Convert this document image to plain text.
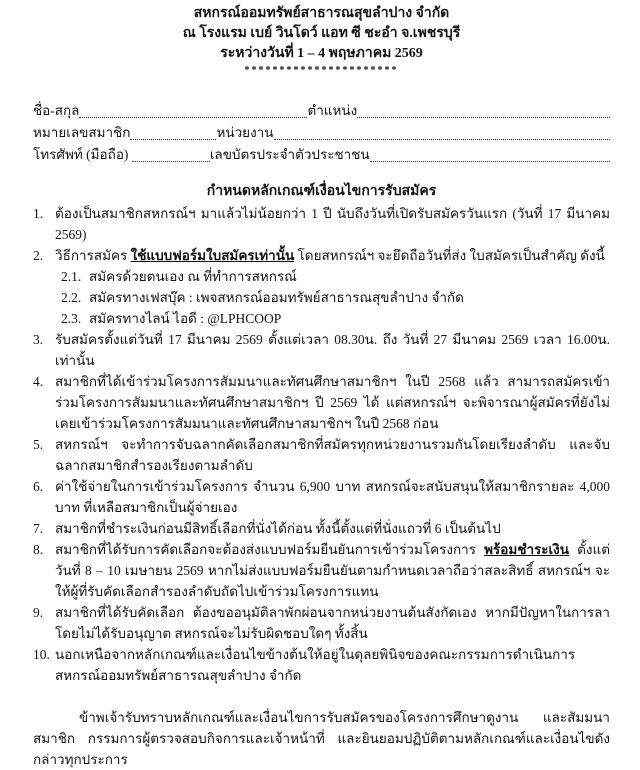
สหกรณ์ออมทรัพย์สาธารณสุขลำปาง จำกัด
ณ โรงแรม เบย์ วินโดว์ แอท ซี ชะอำ จ.เพชรบุรี
ระหว่างวันที่ 1 – 4 พฤษภาคม 2569
**********************
ชื่อ-สกุล	ตำแหน่ง
หมายเลขสมาชิก	หน่วยงาน
โทรศัพท์ (มือถือ)	เลขบัตรประจำตัวประชาชน
กำหนดหลักเกณฑ์เงื่อนไขการรับสมัคร
1. ต้องเป็นสมาชิกสหกรณ์ฯ มาแล้วไม่น้อยกว่า 1 ปี นับถึงวันที่เปิดรับสมัครวันแรก (วันที่ 17 มีนาคม 2569)
2. วิธีการสมัคร ใช้แบบฟอร์มใบสมัครเท่านั้น โดยสหกรณ์ฯ จะยึดถือวันที่ส่ง ใบสมัครเป็นสำคัญ ดังนี้
2.1. สมัครด้วยตนเอง ณ ที่ทำการสหกรณ์
2.2. สมัครทางเฟสบุ๊ค : เพจสหกรณ์ออมทรัพย์สาธารณสุขลำปาง จำกัด
2.3. สมัครทางไลน์ ไอดี : @LPHCOOP
3. รับสมัครตั้งแต่วันที่ 17 มีนาคม 2569 ตั้งแต่เวลา 08.30น. ถึง วันที่ 27 มีนาคม 2569 เวลา 16.00น. เท่านั้น
4. สมาชิกที่ได้เข้าร่วมโครงการสัมมนาและทัศนศึกษาสมาชิกฯ ในปี 2568 แล้ว สามารถสมัครเข้าร่วมโครงการสัมมนาและทัศนศึกษาสมาชิกฯ ปี 2569 ได้ แต่สหกรณ์ฯ จะพิจารณาผู้สมัครที่ยังไม่เคยเข้าร่วมโครงการสัมมนาและทัศนศึกษาสมาชิกฯ ในปี 2568 ก่อน
5. สหกรณ์ฯ จะทำการจับฉลากคัดเลือกสมาชิกที่สมัครทุกหน่วยงานรวมกันโดยเรียงลำดับ และจับฉลากสมาชิกสำรองเรียงตามลำดับ
6. ค่าใช้จ่ายในการเข้าร่วมโครงการ จำนวน 6,900 บาท สหกรณ์จะสนับสนุนให้สมาชิกรายละ 4,000 บาท ที่เหลือสมาชิกเป็นผู้จ่ายเอง
7. สมาชิกที่ชำระเงินก่อนมีสิทธิ์เลือกที่นั่งได้ก่อน ทั้งนี้ตั้งแต่ที่นั่งแถวที่ 6 เป็นต้นไป
8. สมาชิกที่ได้รับการคัดเลือกจะต้องส่งแบบฟอร์มยืนยันการเข้าร่วมโครงการ พร้อมชำระเงิน ตั้งแต่วันที่ 8 – 10 เมษายน 2569 หากไม่ส่งแบบฟอร์มยืนยันตามกำหนดเวลาถือว่าสละสิทธิ์ สหกรณ์ฯ จะให้ผู้ที่รับคัดเลือกสำรองลำดับถัดไปเข้าร่วมโครงการแทน
9. สมาชิกที่ได้รับคัดเลือก ต้องขออนุมัติลาพักผ่อนจากหน่วยงานต้นสังกัดเอง หากมีปัญหาในการลาโดยไม่ได้รับอนุญาต สหกรณ์จะไม่รับผิดชอบใดๆ ทั้งสิ้น
10. นอกเหนือจากหลักเกณฑ์และเงื่อนไขข้างต้นให้อยู่ในดุลยพินิจของคณะกรรมการดำเนินการสหกรณ์ออมทรัพย์สาธารณสุขลำปาง จำกัด

ข้าพเจ้ารับทราบหลักเกณฑ์และเงื่อนไขการรับสมัครของโครงการศึกษาดูงาน และสัมมนาสมาชิก กรรมการผู้ตรวจสอบกิจการและเจ้าหน้าที่ และยินยอมปฏิบัติตามหลักเกณฑ์และเงื่อนไขดังกล่าวทุกประการ
